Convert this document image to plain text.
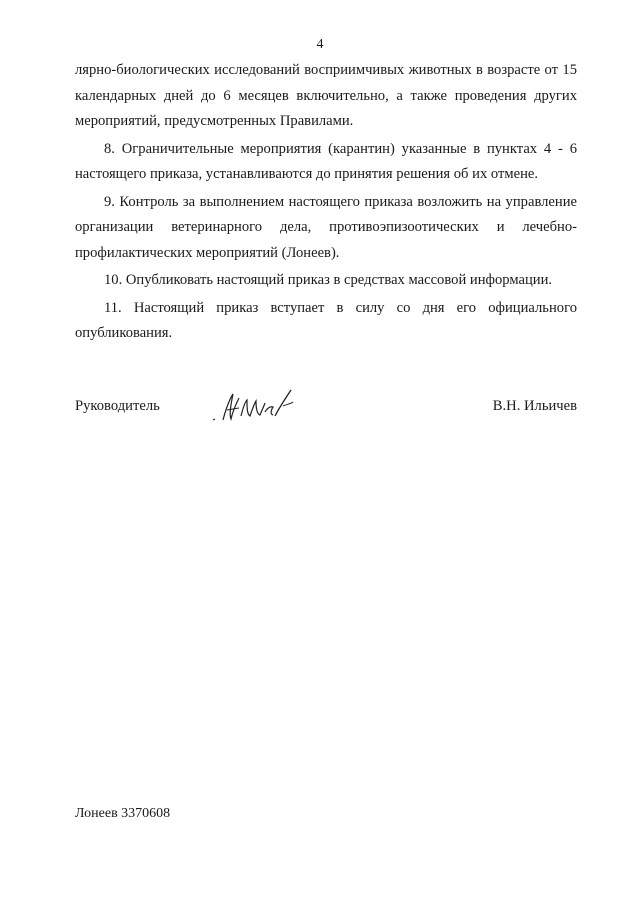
4

лярно-биологических исследований восприимчивых животных в возрасте от 15 календарных дней до 6 месяцев включительно, а также проведения других мероприятий, предусмотренных Правилами.

8. Ограничительные мероприятия (карантин) указанные в пунктах 4 - 6 настоящего приказа, устанавливаются до принятия решения об их отмене.

9. Контроль за выполнением настоящего приказа возложить на управление организации ветеринарного дела, противоэпизоотических и лечебно-профилактических мероприятий (Лонеев).

10. Опубликовать настоящий приказ в средствах массовой информации.

11. Настоящий приказ вступает в силу со дня его официального опубликования.

Руководитель	В.Н. Ильичев
Лонеев 3370608
